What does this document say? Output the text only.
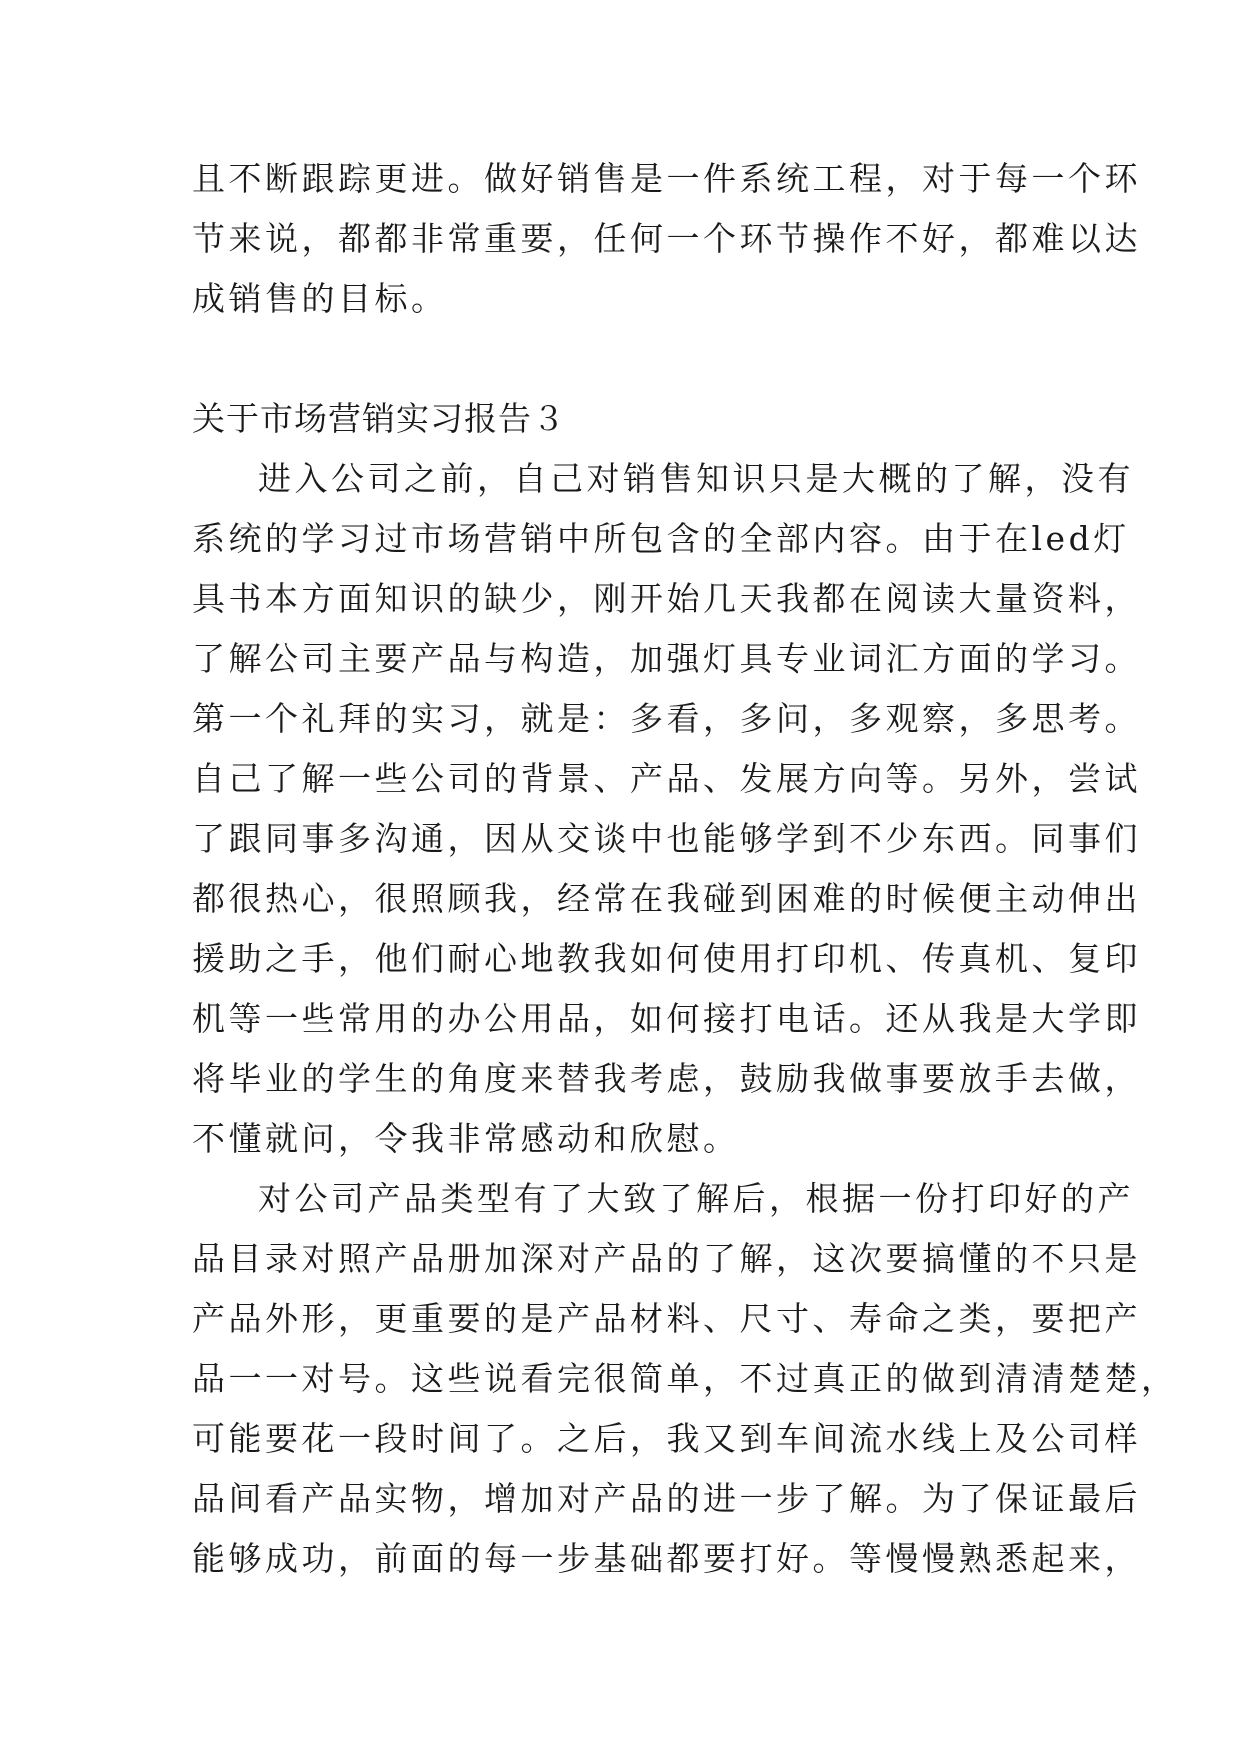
且不断跟踪更进。做好销售是一件系统工程，对于每一个环
节来说，都都非常重要，任何一个环节操作不好，都难以达
成销售的目标。
关于市场营销实习报告３
进入公司之前，自己对销售知识只是大概的了解，没有
系统的学习过市场营销中所包含的全部内容。由于在led灯
具书本方面知识的缺少，刚开始几天我都在阅读大量资料，
了解公司主要产品与构造，加强灯具专业词汇方面的学习。
第一个礼拜的实习，就是：多看，多问，多观察，多思考。
自己了解一些公司的背景、产品、发展方向等。另外，尝试
了跟同事多沟通，因从交谈中也能够学到不少东西。同事们
都很热心，很照顾我，经常在我碰到困难的时候便主动伸出
援助之手，他们耐心地教我如何使用打印机、传真机、复印
机等一些常用的办公用品，如何接打电话。还从我是大学即
将毕业的学生的角度来替我考虑，鼓励我做事要放手去做，
不懂就问，令我非常感动和欣慰。
对公司产品类型有了大致了解后，根据一份打印好的产
品目录对照产品册加深对产品的了解，这次要搞懂的不只是
产品外形，更重要的是产品材料、尺寸、寿命之类，要把产
品一一对号。这些说看完很简单，不过真正的做到清清楚楚，
可能要花一段时间了。之后，我又到车间流水线上及公司样
品间看产品实物，增加对产品的进一步了解。为了保证最后
能够成功，前面的每一步基础都要打好。等慢慢熟悉起来，
